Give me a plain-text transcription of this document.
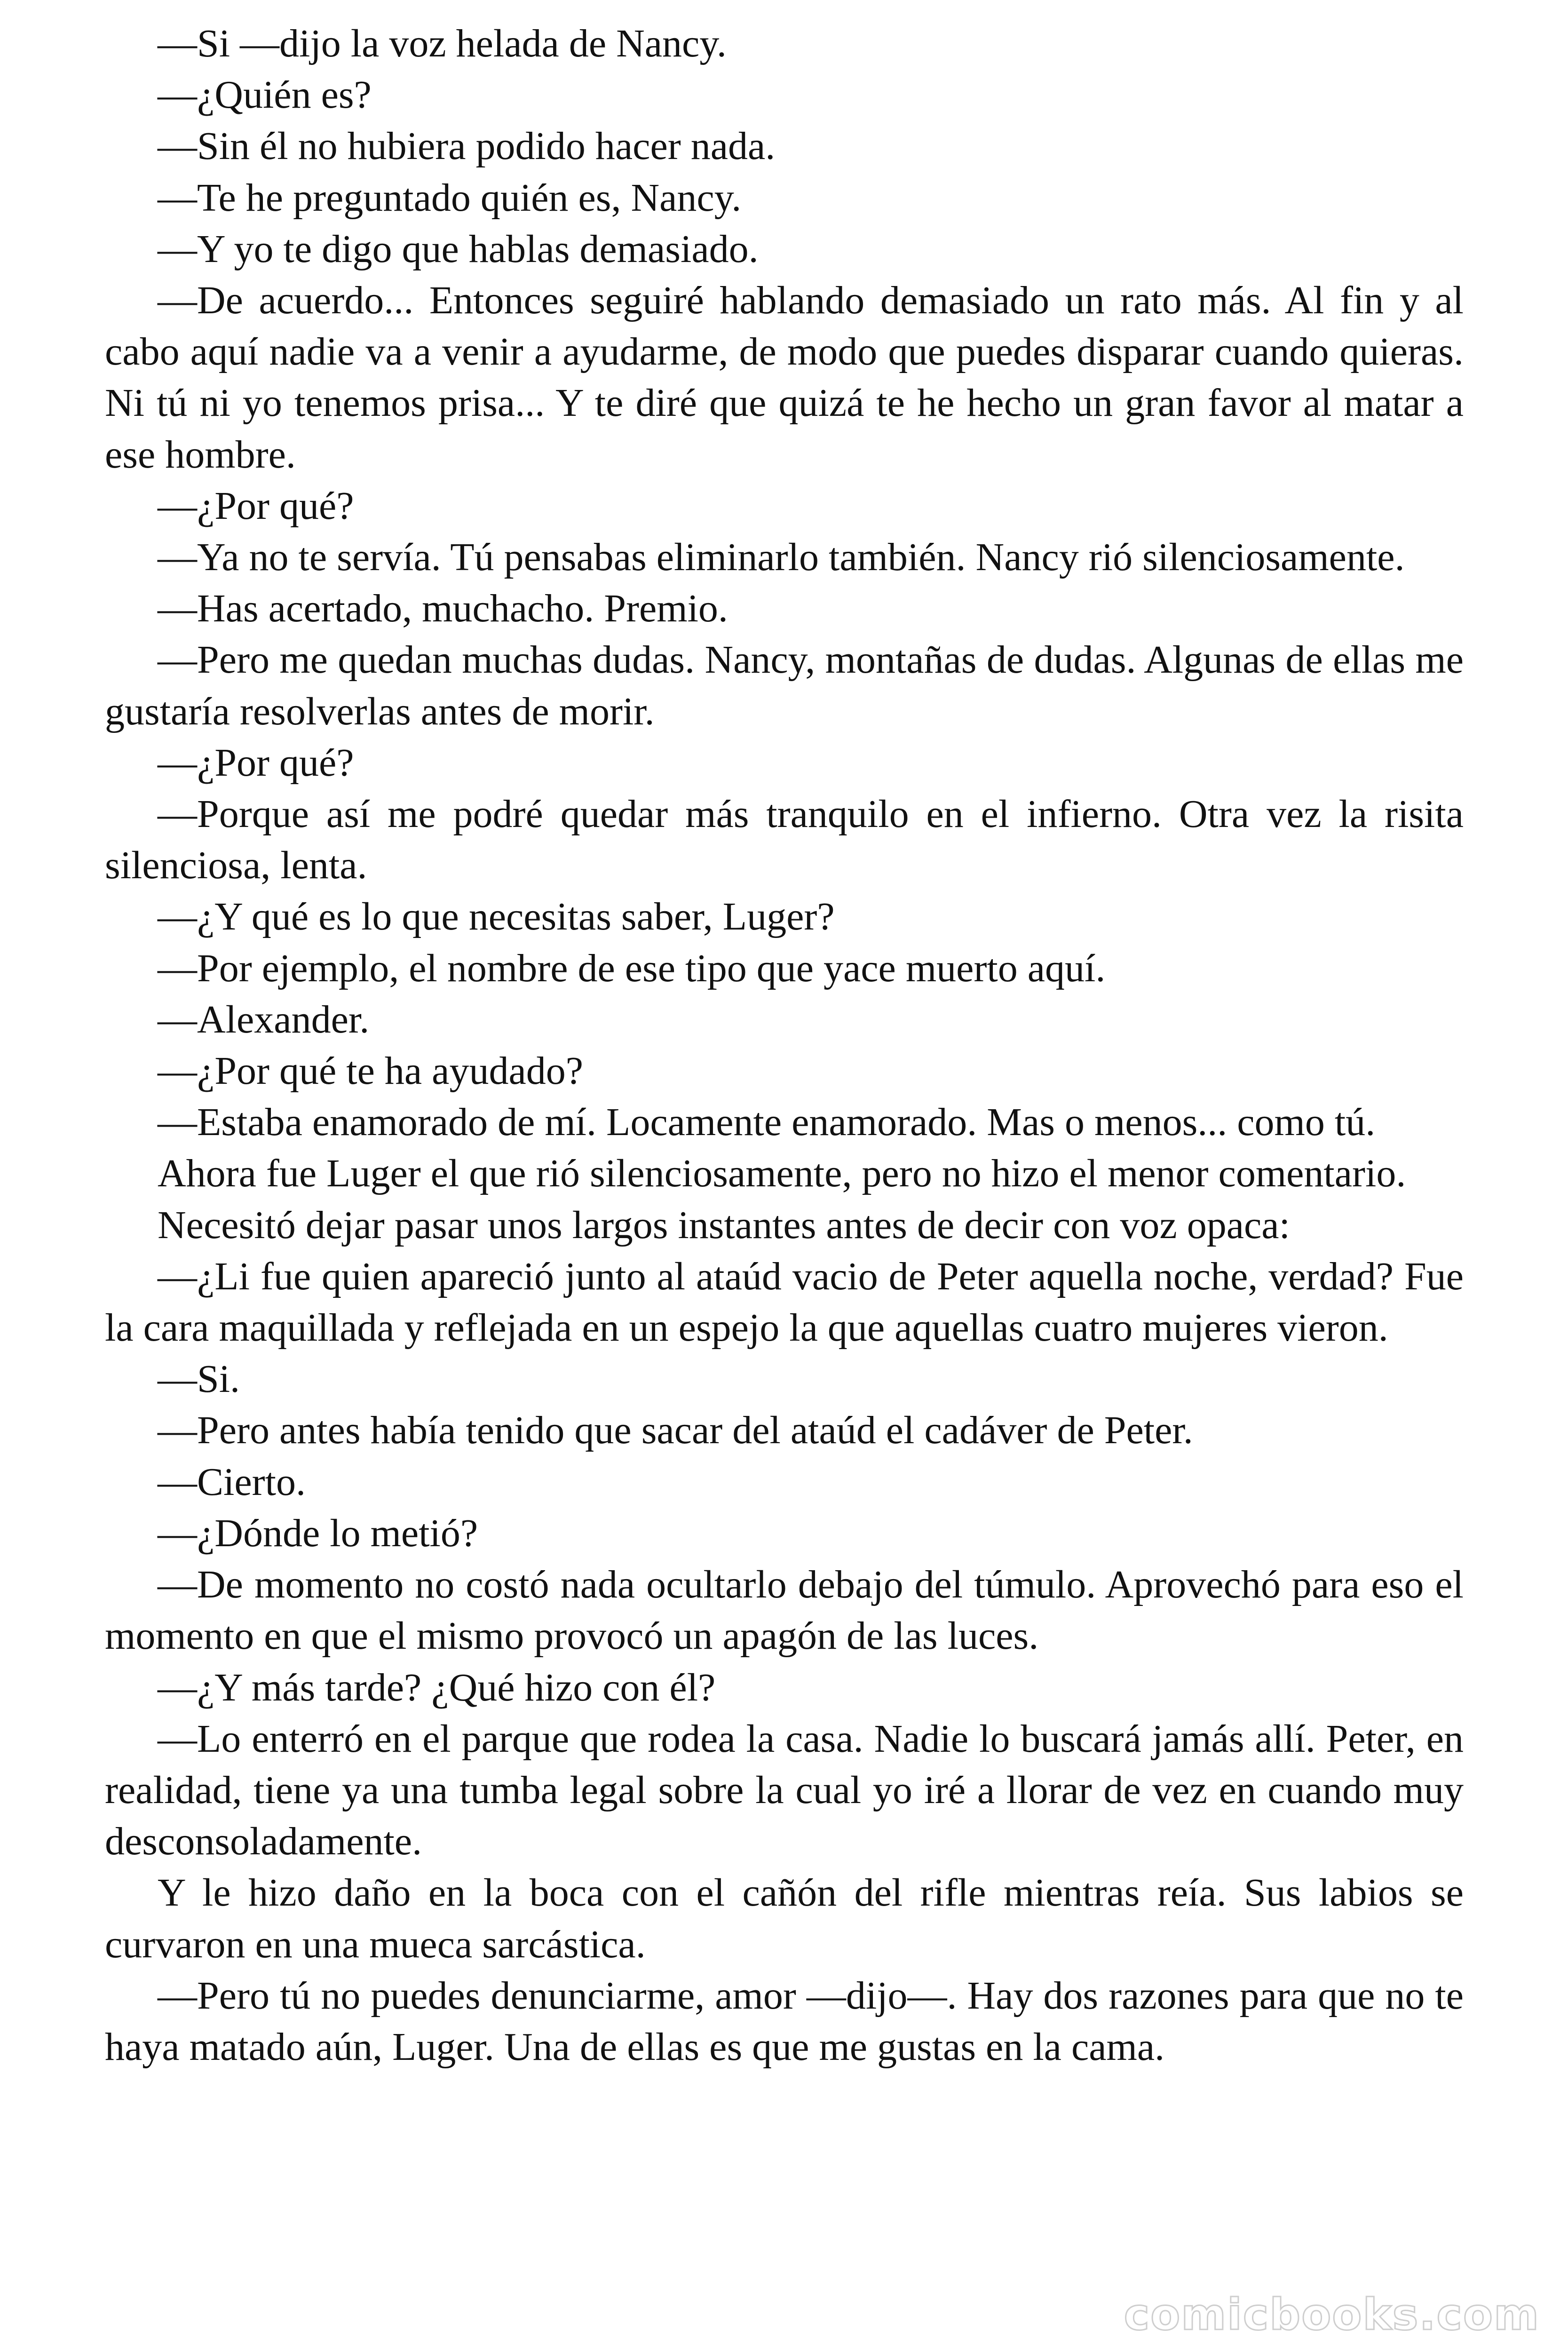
—Si —dijo la voz helada de Nancy.

—¿Quién es?

—Sin él no hubiera podido hacer nada.

—Te he preguntado quién es, Nancy.

—Y yo te digo que hablas demasiado.

—De acuerdo... Entonces seguiré hablando demasiado un rato más. Al fin y al cabo aquí nadie va a venir a ayudarme, de modo que puedes disparar cuando quieras. Ni tú ni yo tenemos prisa... Y te diré que quizá te he hecho un gran favor al matar a ese hombre.

—¿Por qué?

—Ya no te servía. Tú pensabas eliminarlo también. Nancy rió silenciosamente.

—Has acertado, muchacho. Premio.

—Pero me quedan muchas dudas. Nancy, montañas de dudas. Algunas de ellas me gustaría resolverlas antes de morir.

—¿Por qué?

—Porque así me podré quedar más tranquilo en el infierno. Otra vez la risita silenciosa, lenta.

—¿Y qué es lo que necesitas saber, Luger?

—Por ejemplo, el nombre de ese tipo que yace muerto aquí.

—Alexander.

—¿Por qué te ha ayudado?

—Estaba enamorado de mí. Locamente enamorado. Mas o menos... como tú.

Ahora fue Luger el que rió silenciosamente, pero no hizo el menor comentario.

Necesitó dejar pasar unos largos instantes antes de decir con voz opaca:

—¿Li fue quien apareció junto al ataúd vacio de Peter aquella noche, verdad? Fue la cara maquillada y reflejada en un espejo la que aquellas cuatro mujeres vieron.

—Si.

—Pero antes había tenido que sacar del ataúd el cadáver de Peter.

—Cierto.

—¿Dónde lo metió?

—De momento no costó nada ocultarlo debajo del túmulo. Aprovechó para eso el momento en que el mismo provocó un apagón de las luces.

—¿Y más tarde? ¿Qué hizo con él?

—Lo enterró en el parque que rodea la casa. Nadie lo buscará jamás allí. Peter, en realidad, tiene ya una tumba legal sobre la cual yo iré a llorar de vez en cuando muy desconsoladamente.

Y le hizo daño en la boca con el cañón del rifle mientras reía. Sus labios se curvaron en una mueca sarcástica.

—Pero tú no puedes denunciarme, amor —dijo—. Hay dos razones para que no te haya matado aún, Luger. Una de ellas es que me gustas en la cama.

comicbooks.com
